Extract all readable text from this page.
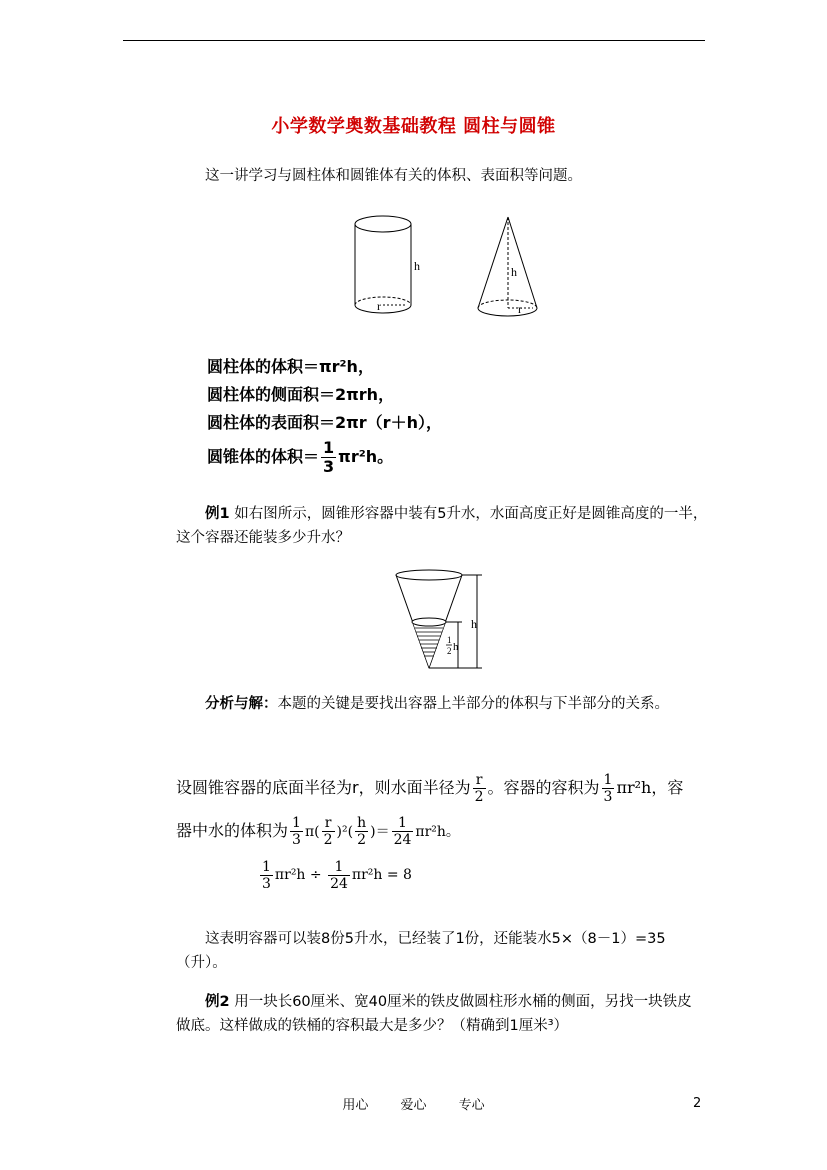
小学数学奥数基础教程 圆柱与圆锥
这一讲学习与圆柱体和圆锥体有关的体积、表面积等问题。
h
r
h
r
圆柱体的体积＝πr²h，
圆柱体的侧面积＝2πrh，
圆柱体的表面积＝2πr（r＋h），
圆锥体的体积＝ $\frac{1}{3} \pi r^2h$。
例1 如右图所示，圆锥形容器中装有5升水，水面高度正好是圆锥高度的一半，
这个容器还能装多少升水？
h
1
2 h
分析与解：本题的关键是要找出容器上半部分的体积与下半部分的关系。
设圆锥容器的底面半径为r，则水面半径为 $\frac{r}{2}$ 。容器的容积为 $\frac{1}{3} \pi r^2h$，容
器中水的体积为 $\frac{1}{3} \pi( \frac{r}{2} )^2( \frac{h}{2}$ )＝ $\frac{1}{24} \pi r^2h$。
$\frac{1}{3} \pi r^2h \div \frac{1}{24} \pi r^2h = 8$
这表明容器可以装8份5升水，已经装了1份，还能装水5×（8－1）=35
（升）。
例2 用一块长60厘米、宽40厘米的铁皮做圆柱形水桶的侧面，另找一块铁皮
做底。这样做成的铁桶的容积最大是多少？（精确到1厘米³）
用心 爱心 专心	2
